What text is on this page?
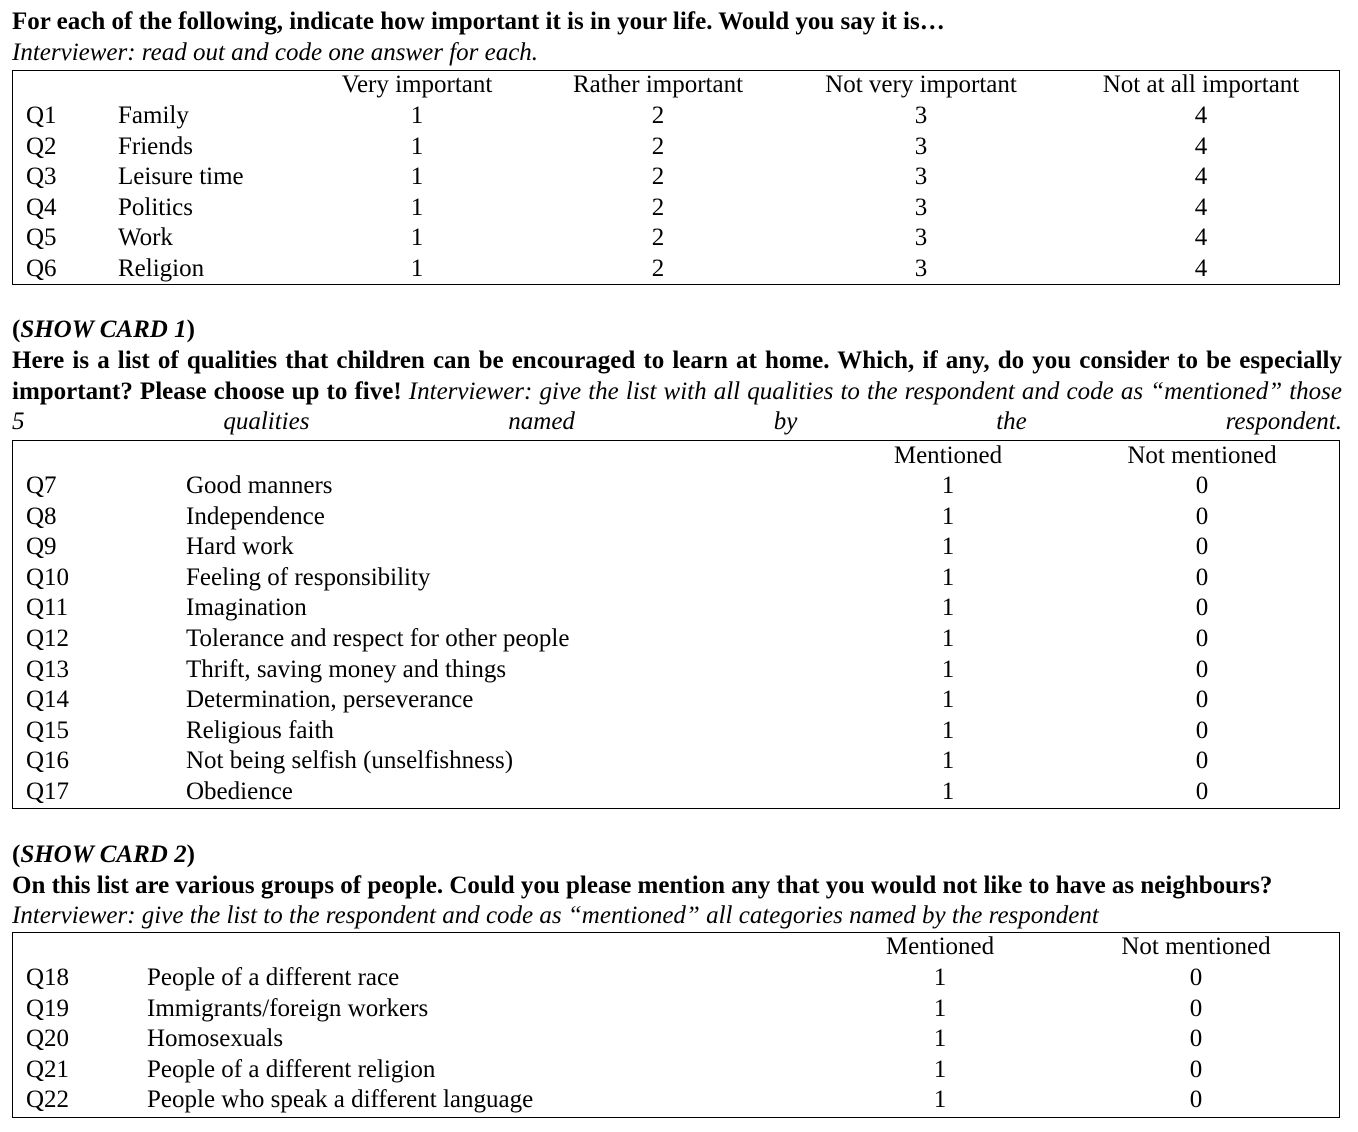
For each of the following, indicate how important it is in your life. Would you say it is…
Interviewer: read out and code one answer for each.
Very important	Rather important	Not very important	Not at all important
Q1 Family	1	2	3	4
Q2 Friends	1	2	3	4
Q3 Leisure time	1	2	3	4
Q4 Politics	1	2	3	4
Q5 Work	1	2	3	4
Q6 Religion	1	2	3	4
(SHOW CARD 1)
Here is a list of qualities that children can be encouraged to learn at home. Which, if any, do you consider to be especially important? Please choose up to five! Interviewer: give the list with all qualities to the respondent and code as “mentioned” those 5 qualities named by the respondent.
Mentioned	Not mentioned
Q7	Good manners	1	0
Q8	Independence	1	0
Q9	Hard work	1	0
Q10	Feeling of responsibility	1	0
Q11	Imagination	1	0
Q12	Tolerance and respect for other people	1	0
Q13	Thrift, saving money and things	1	0
Q14	Determination, perseverance	1	0
Q15	Religious faith	1	0
Q16	Not being selfish (unselfishness)	1	0
Q17	Obedience	1	0
(SHOW CARD 2)
On this list are various groups of people. Could you please mention any that you would not like to have as neighbours?
Interviewer: give the list to the respondent and code as “mentioned” all categories named by the respondent
Mentioned	Not mentioned
Q18	People of a different race	1	0
Q19	Immigrants/foreign workers	1	0
Q20	Homosexuals	1	0
Q21	People of a different religion	1	0
Q22	People who speak a different language	1	0
